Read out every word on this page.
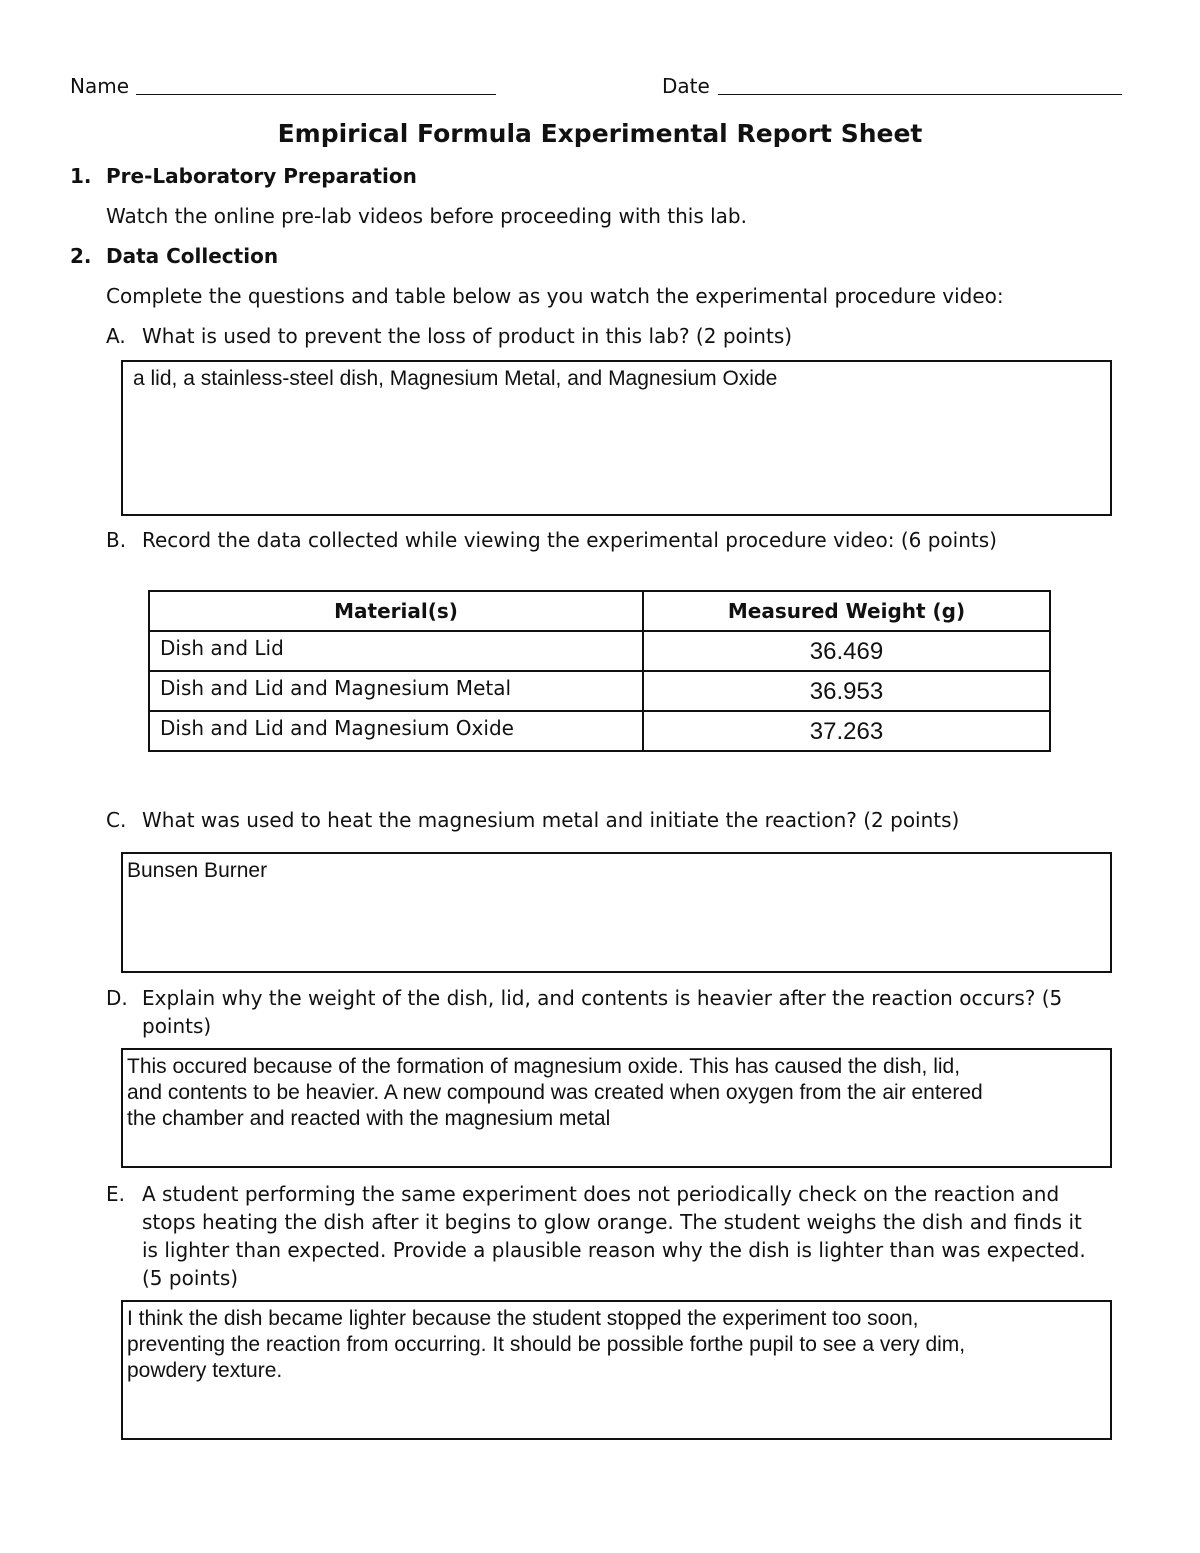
Name	Date
Empirical Formula Experimental Report Sheet
1. Pre-Laboratory Preparation
Watch the online pre-lab videos before proceeding with this lab.
2. Data Collection
Complete the questions and table below as you watch the experimental procedure video:
A. What is used to prevent the loss of product in this lab? (2 points)

a lid, a stainless-steel dish, Magnesium Metal, and Magnesium Oxide

B. Record the data collected while viewing the experimental procedure video: (6 points)
Material(s)	Measured Weight (g)
Dish and Lid	36.469
Dish and Lid and Magnesium Metal	36.953
Dish and Lid and Magnesium Oxide	37.263
C. What was used to heat the magnesium metal and initiate the reaction? (2 points)

Bunsen Burner

D. Explain why the weight of the dish, lid, and contents is heavier after the reaction occurs? (5
points)

This occured because of the formation of magnesium oxide. This has caused the dish, lid,

and contents to be heavier. A new compound was created when oxygen from the air entered

the chamber and reacted with the magnesium metal

E. A student performing the same experiment does not periodically check on the reaction and
stops heating the dish after it begins to glow orange. The student weighs the dish and finds it
is lighter than expected. Provide a plausible reason why the dish is lighter than was expected.
(5 points)

I think the dish became lighter because the student stopped the experiment too soon,

preventing the reaction from occurring. It should be possible forthe pupil to see a very dim,

powdery texture.
